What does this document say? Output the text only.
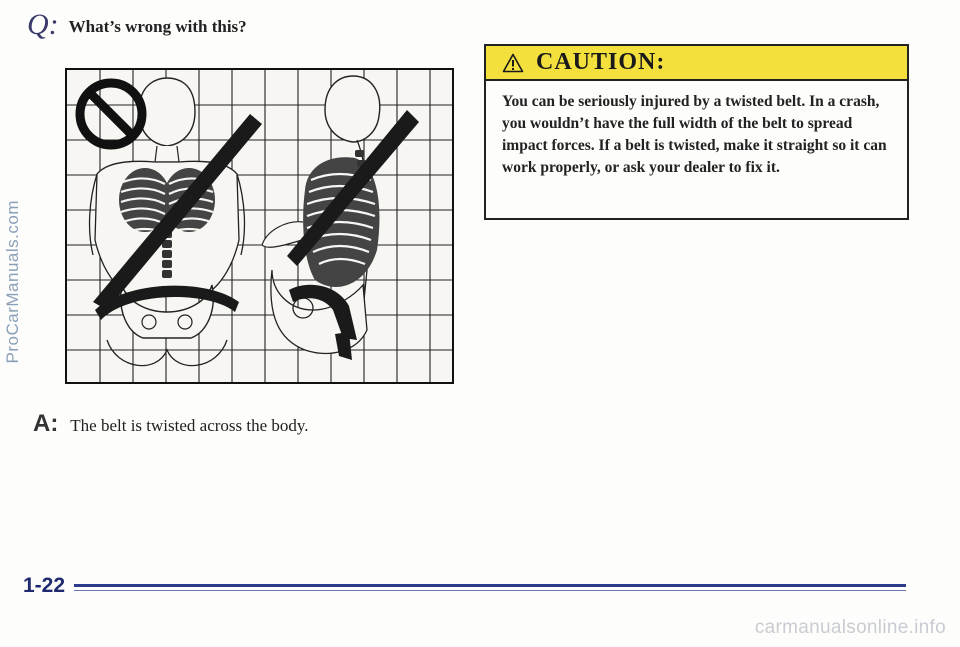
Q: What’s wrong with this?
A: The belt is twisted across the body.
CAUTION:
You can be seriously injured by a twisted belt. In a crash, you wouldn’t have the full width of the belt to spread impact forces. If a belt is twisted, make it straight so it can work properly, or ask your dealer to fix it.
ProCarManuals.com
1-22
carmanualsonline.info
